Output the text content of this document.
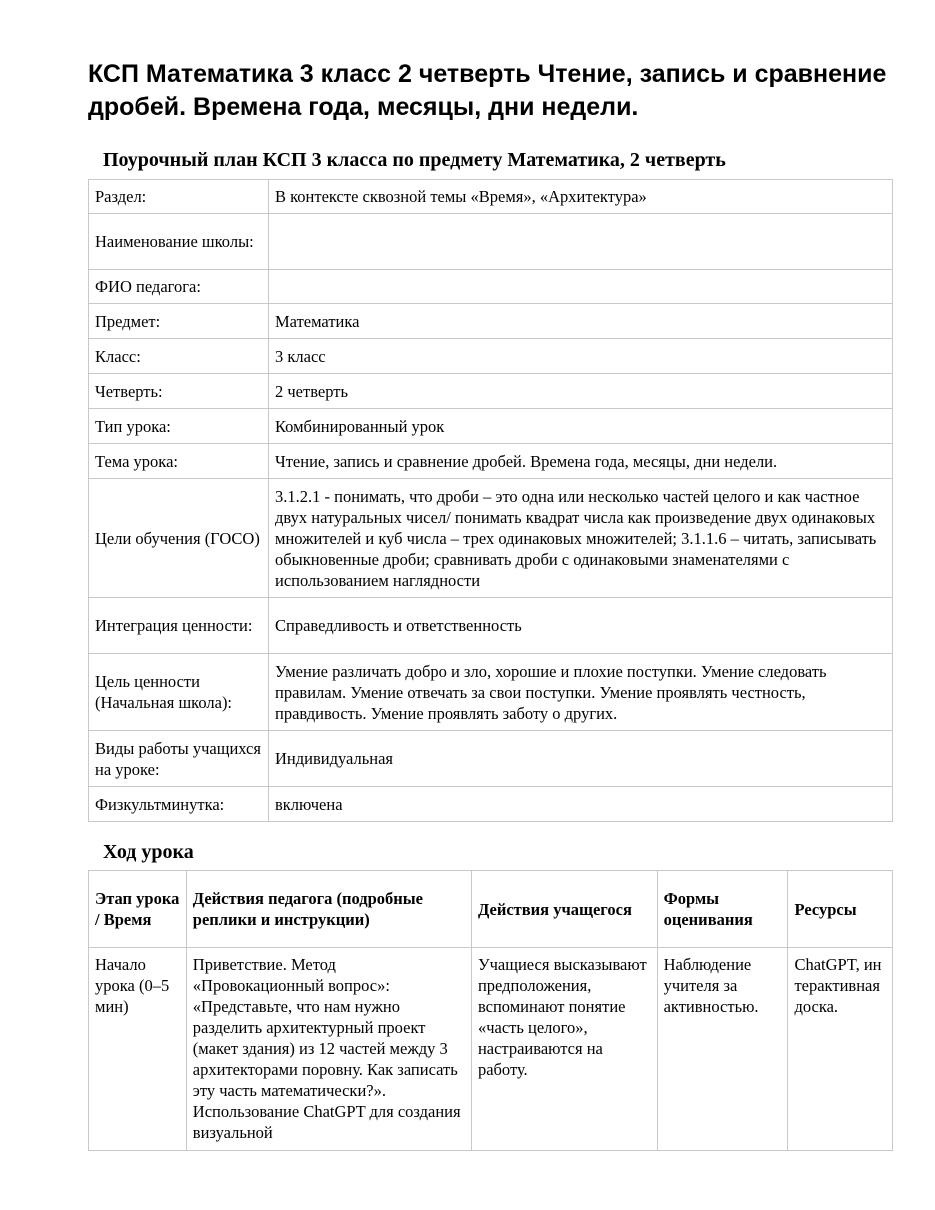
КСП Математика 3 класс 2 четверть Чтение, запись и сравнение дробей. Времена года, месяцы, дни недели.
Поурочный план КСП 3 класса по предмету Математика, 2 четверть
Раздел:	В контексте сквозной темы «Время», «Архитектура»
Наименование школы:	
ФИО педагога:	
Предмет:	Математика
Класс:	3 класс
Четверть:	2 четверть
Тип урока:	Комбинированный урок
Тема урока:	Чтение, запись и сравнение дробей. Времена года, месяцы, дни недели.
Цели обучения (ГОСО)	3.1.2.1 - понимать, что дроби – это одна или несколько частей целого и как частное двух натуральных чисел/ понимать квадрат числа как произведение двух одинаковых множителей и куб числа – трех одинаковых множителей; 3.1.1.6 – читать, записывать обыкновенные дроби; сравнивать дроби с одинаковыми знаменателями с использованием наглядности
Интеграция ценности:	Справедливость и ответственность
Цель ценности (Начальная школа):	Умение различать добро и зло, хорошие и плохие поступки. Умение следовать правилам. Умение отвечать за свои поступки. Умение проявлять честность, правдивость. Умение проявлять заботу о других.
Виды работы учащихся на уроке:	Индивидуальная
Физкультминутка:	включена
Ход урока
Этап урока / Время	Действия педагога (подробные реплики и инструкции)	Действия учащегося	Формы оценивания	Ресурсы
Начало урока (0–5 мин)	Приветствие. Метод «Провокационный вопрос»: «Представьте, что нам нужно разделить архитектурный проект (макет здания) из 12 частей между 3 архитекторами поровну. Как записать эту часть математически?». Использование ChatGPT для создания визуальной	Учащиеся высказывают предположения, вспоминают понятие «часть целого», настраиваются на работу.	Наблюдение учителя за активностью.	ChatGPT, интерактивная доска.
